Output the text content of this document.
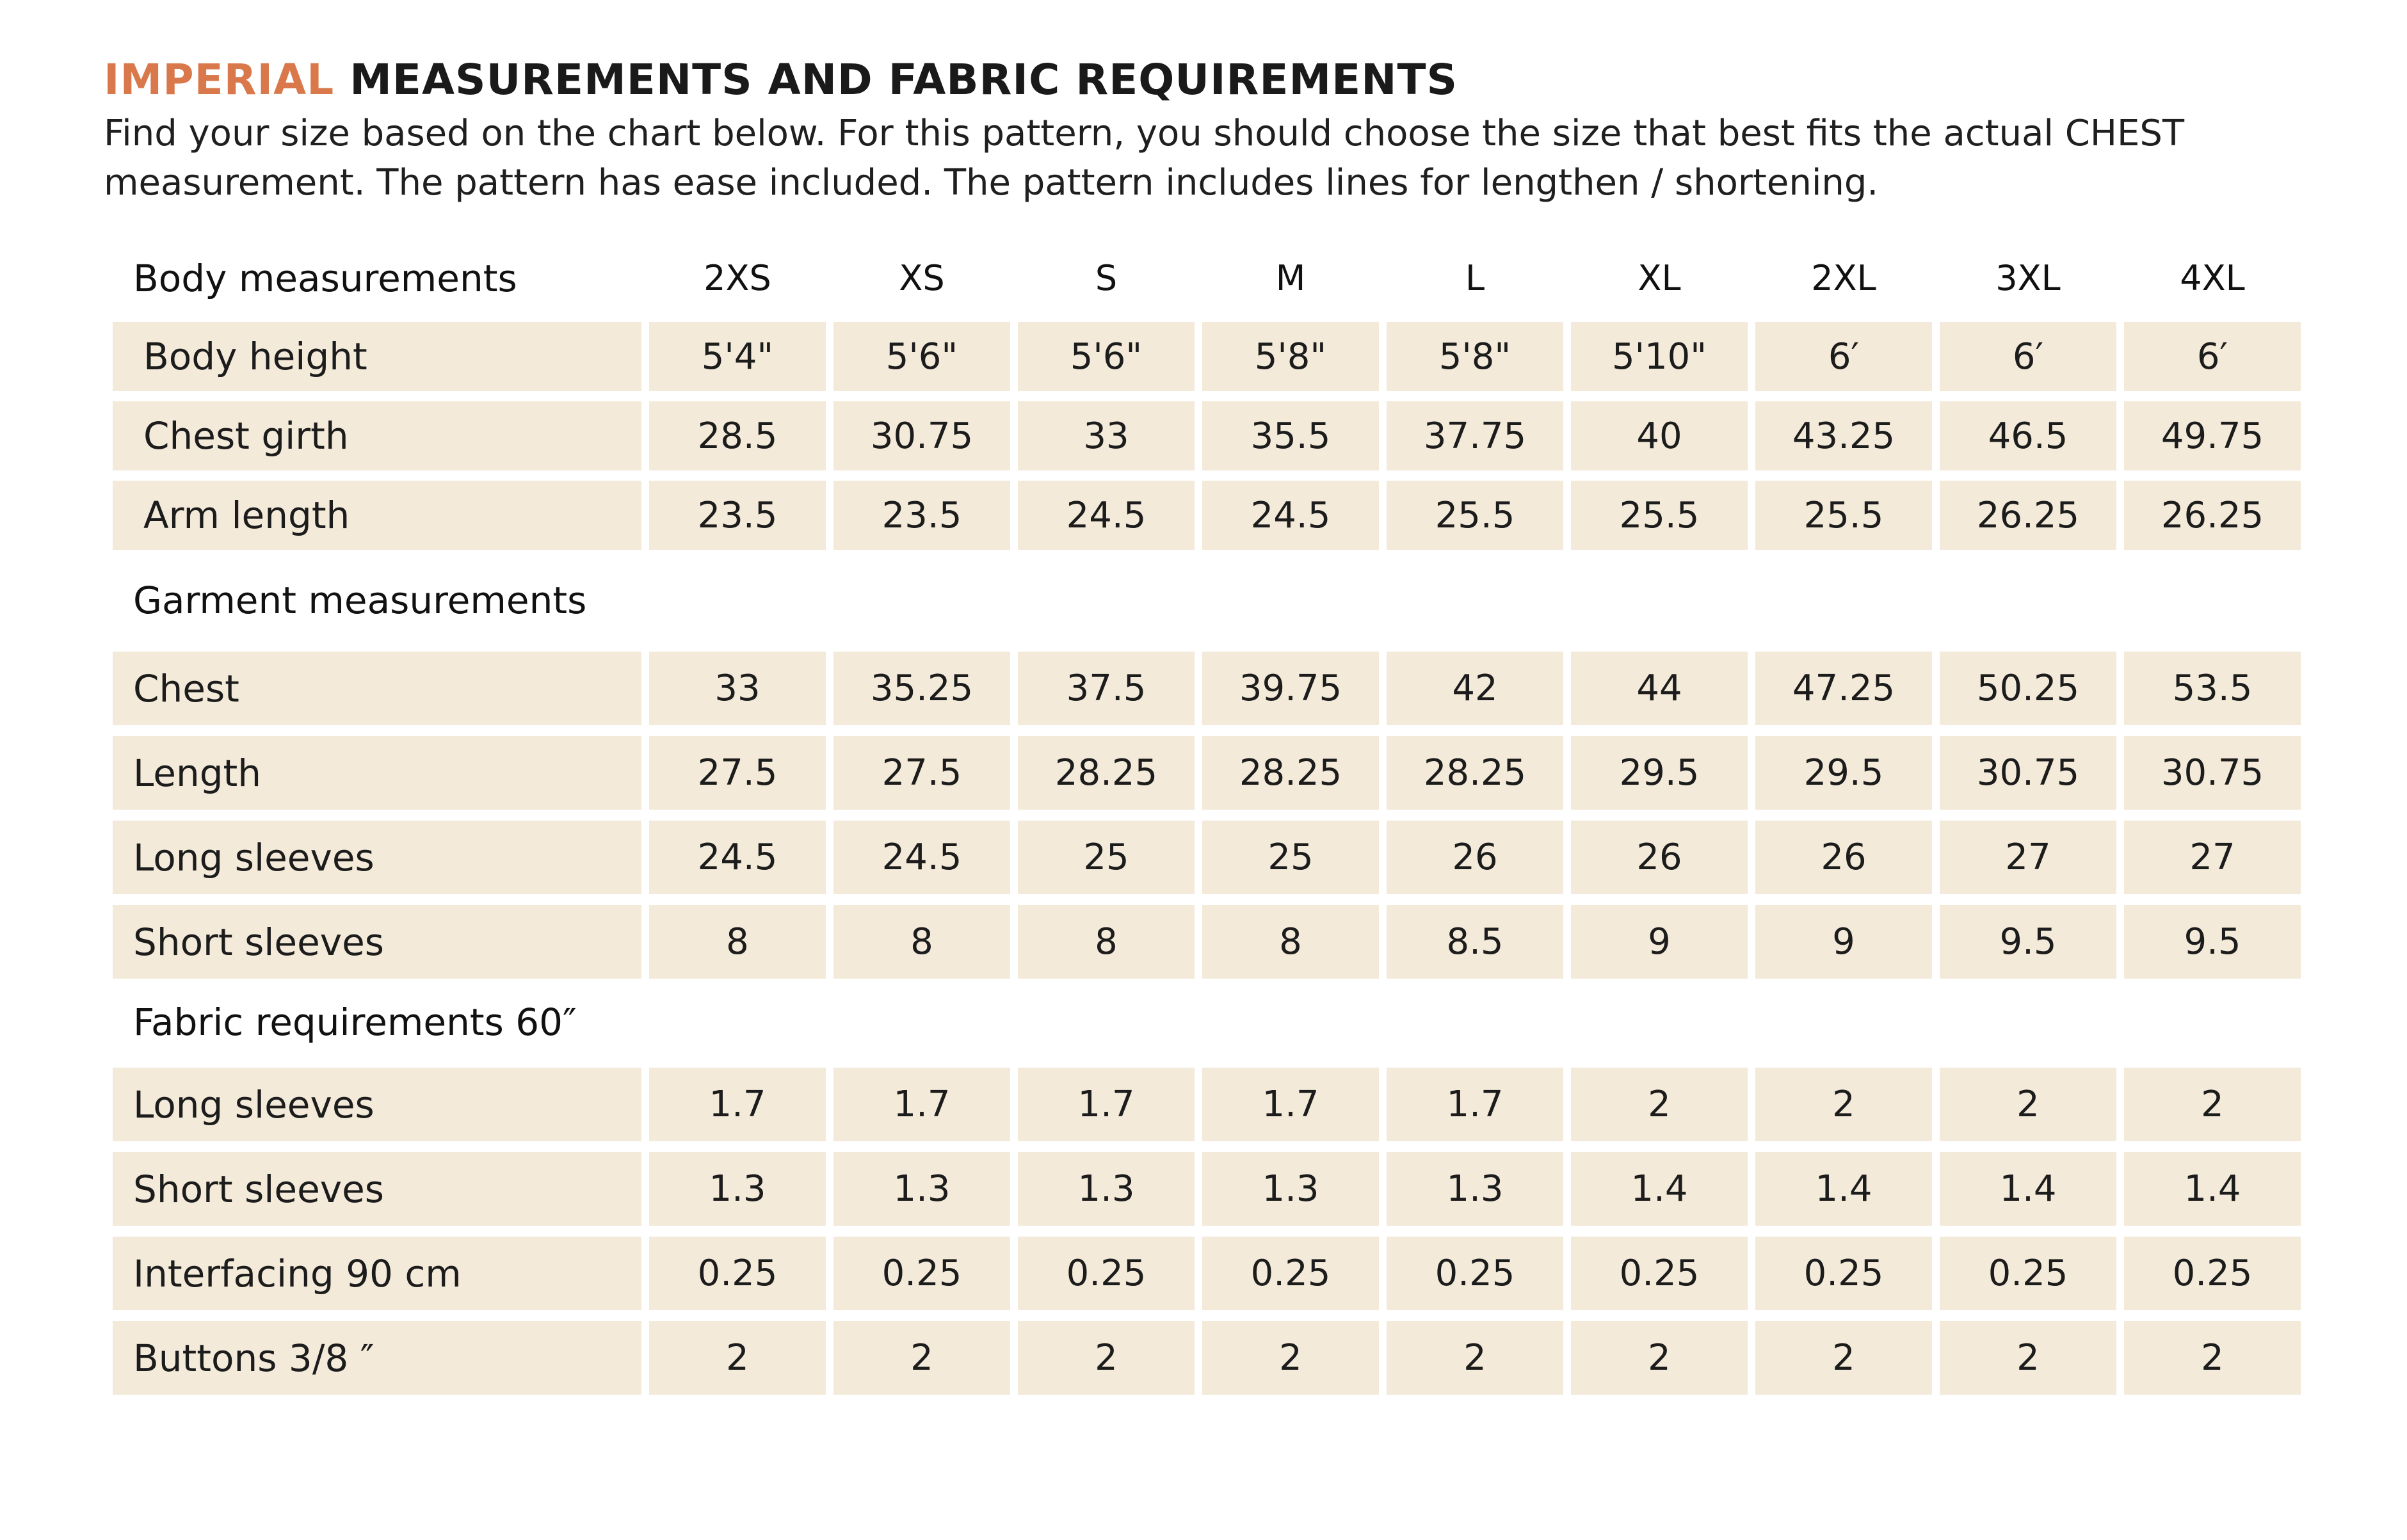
IMPERIAL MEASUREMENTS AND FABRIC REQUIREMENTS

Find your size based on the chart below. For this pattern, you should choose the size that best fits the actual CHEST

measurement. The pattern has ease included. The pattern includes lines for lengthen / shortening.

Body measurements	2XS	XS	S	M	L	XL	2XL	3XL	4XL
Body height	5'4"	5'6"	5'6"	5'8"	5'8"	5'10"	6′	6′	6′
Chest girth	28.5	30.75	33	35.5	37.75	40	43.25	46.5	49.75
Arm length	23.5	23.5	24.5	24.5	25.5	25.5	25.5	26.25	26.25
Garment measurements
Chest	33	35.25	37.5	39.75	42	44	47.25	50.25	53.5
Length	27.5	27.5	28.25	28.25	28.25	29.5	29.5	30.75	30.75
Long sleeves	24.5	24.5	25	25	26	26	26	27	27
Short sleeves	8	8	8	8	8.5	9	9	9.5	9.5
Fabric requirements 60″
Long sleeves	1.7	1.7	1.7	1.7	1.7	2	2	2	2
Short sleeves	1.3	1.3	1.3	1.3	1.3	1.4	1.4	1.4	1.4
Interfacing 90 cm	0.25	0.25	0.25	0.25	0.25	0.25	0.25	0.25	0.25
Buttons 3/8 ″	2	2	2	2	2	2	2	2	2
